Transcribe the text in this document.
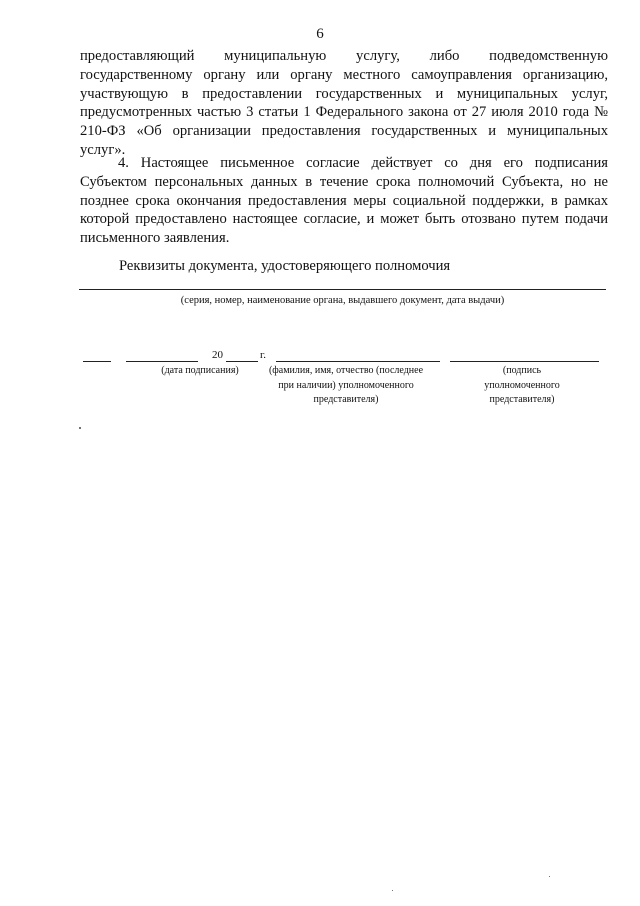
6

предоставляющий муниципальную услугу, либо подведомственную государственному органу или органу местного самоуправления организацию, участвующую в предоставлении государственных и муниципальных услуг, предусмотренных частью 3 статьи 1 Федерального закона от 27 июля 2010 года № 210-ФЗ «Об организации предоставления государственных и муниципальных услуг».

4. Настоящее письменное согласие действует со дня его подписания Субъектом персональных данных в течение срока полномочий Субъекта, но не позднее срока окончания предоставления меры социальной поддержки, в рамках которой предоставлено настоящее согласие, и может быть отозвано путем подачи письменного заявления.

Реквизиты документа, удостоверяющего полномочия
(серия, номер, наименование органа, выдавшего документ, дата выдачи)
20	г.
(дата подписания)	(фамилия, имя, отчество (последнее при наличии) уполномоченного представителя)
(подпись уполномоченного представителя)
